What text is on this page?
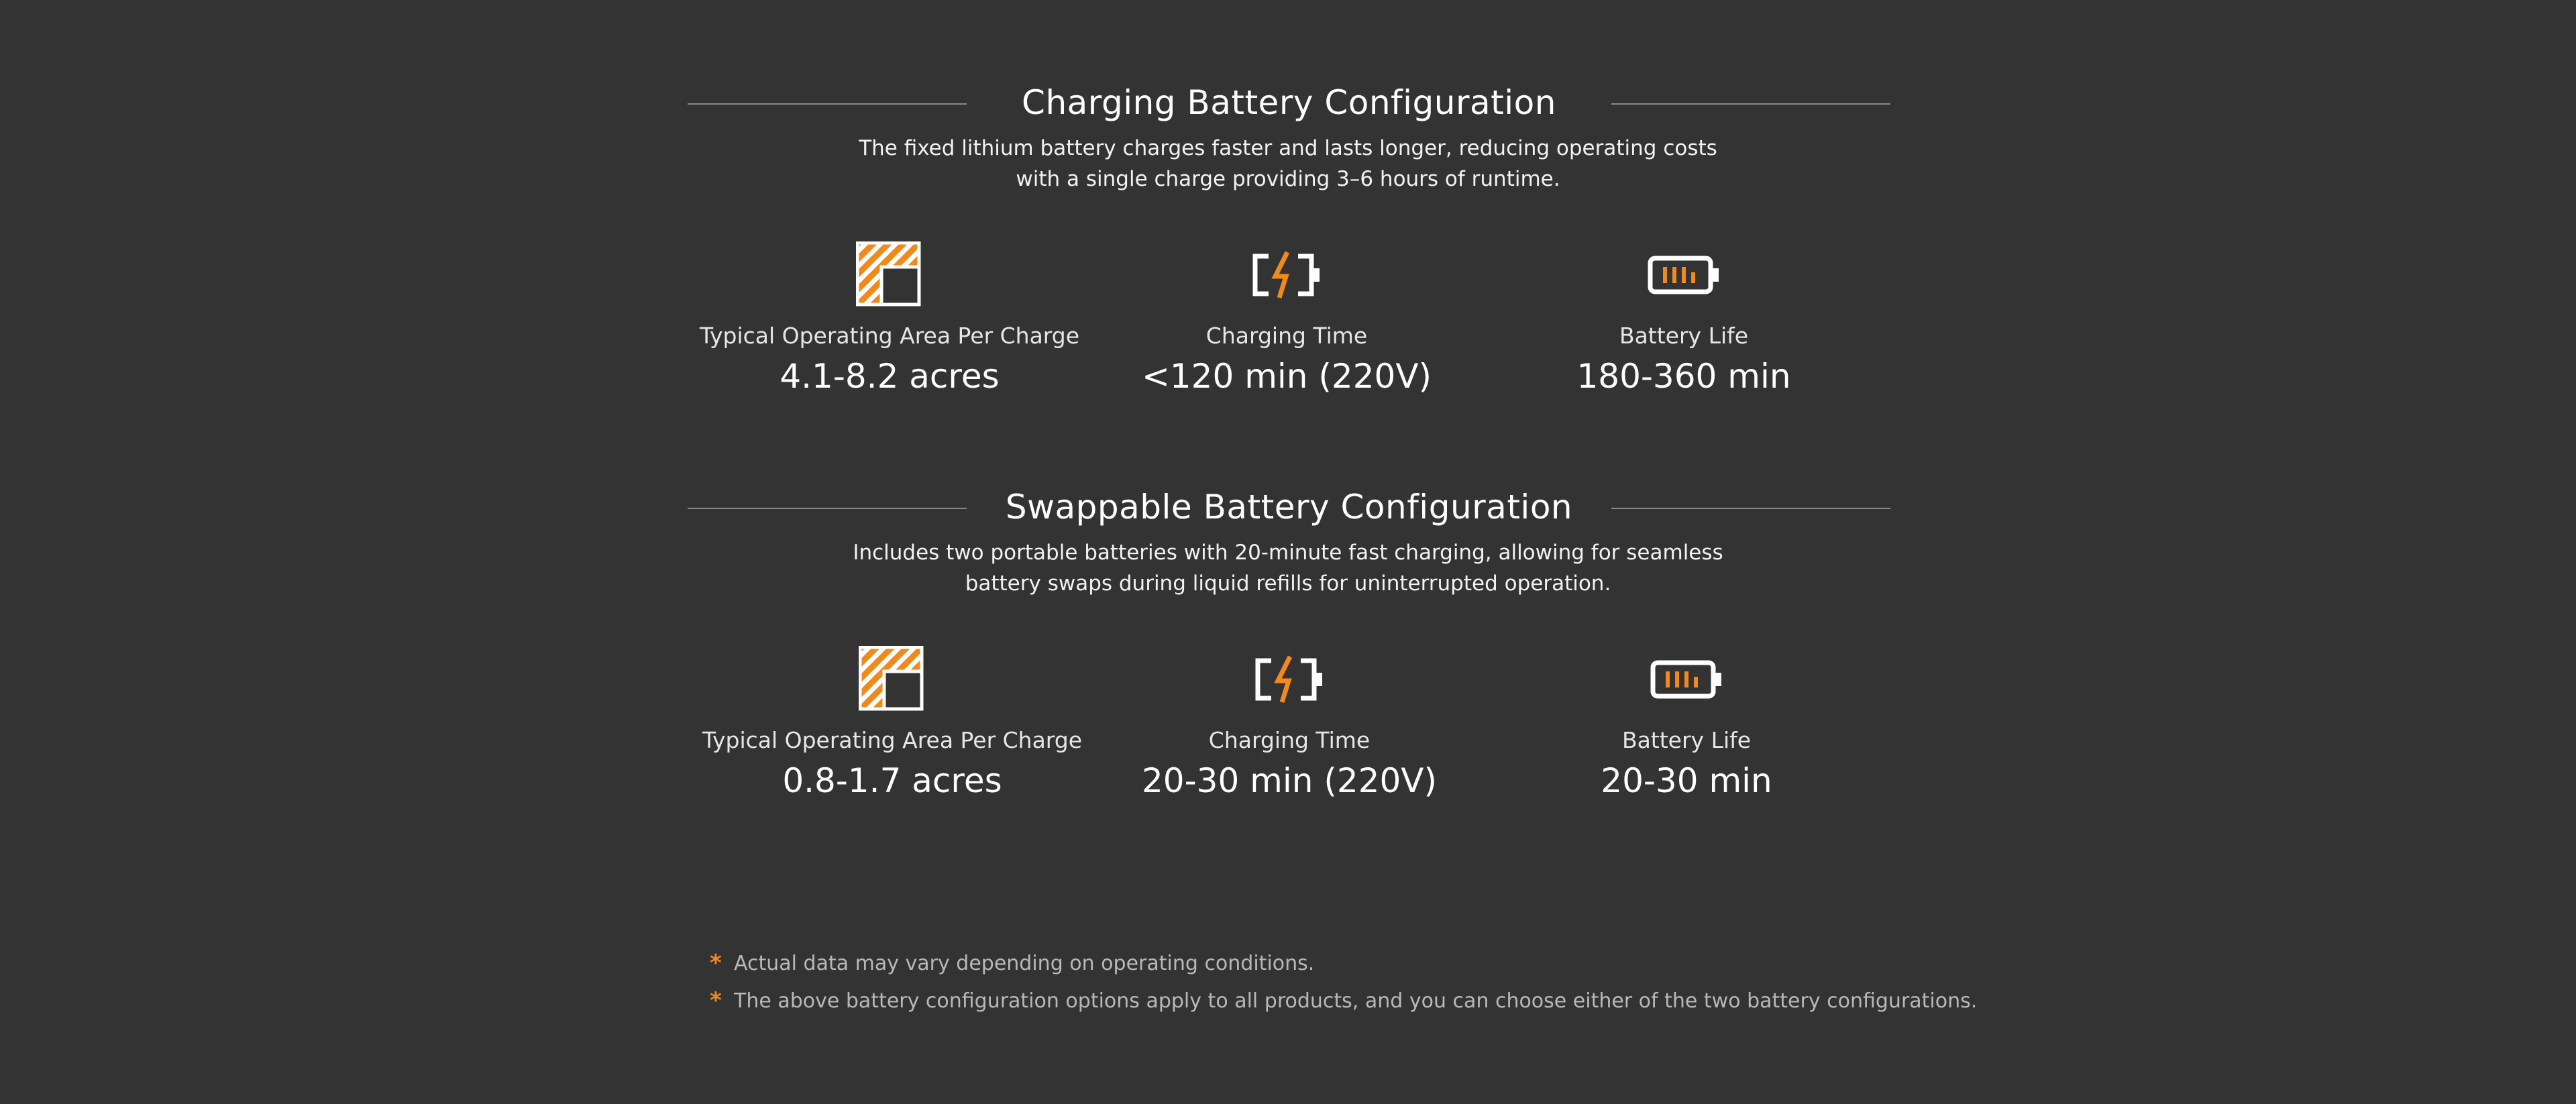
Charging Battery Configuration
The fixed lithium battery charges faster and lasts longer, reducing operating costs
with a single charge providing 3–6 hours of runtime.
Typical Operating Area Per Charge
4.1-8.2 acres
Charging Time
<120 min (220V)
Battery Life
180-360 min
Swappable Battery Configuration
Includes two portable batteries with 20-minute fast charging, allowing for seamless
battery swaps during liquid refills for uninterrupted operation.
Typical Operating Area Per Charge
0.8-1.7 acres
Charging Time
20-30 min (220V)
Battery Life
20-30 min
* Actual data may vary depending on operating conditions.
* The above battery configuration options apply to all products, and you can choose either of the two battery configurations.
